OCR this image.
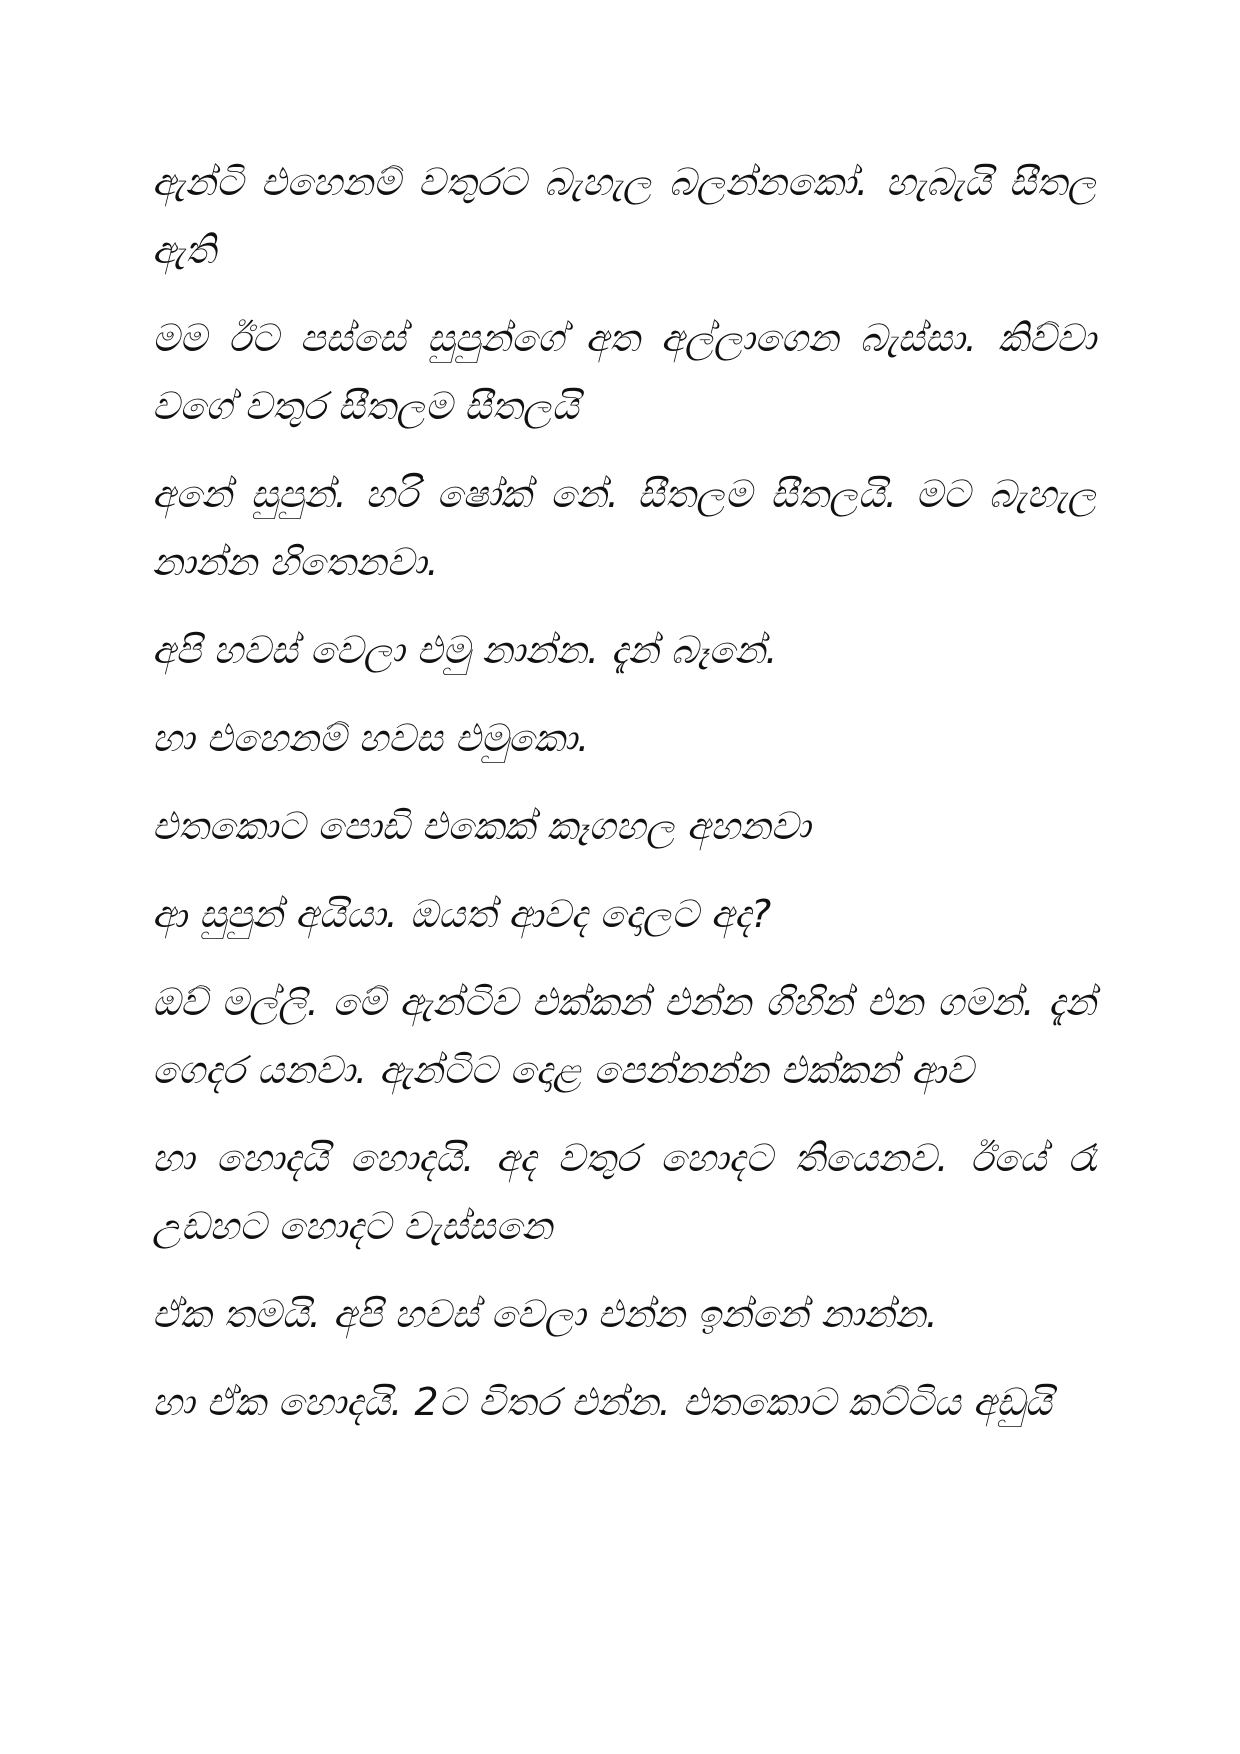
ඇන්ටි එහෙනම් වතුරට බැහැල බලන්නකෝ. හැබැයි සීතල ඇති

මම ඊට පස්සේ සුපුන්ගේ අත අල්ලාගෙන බැස්සා. කිව්වා වගේ වතුර සීතලම සීතලයි

අනේ සුපුන්. හරි ෂෝක් නේ. සීතලම සීතලයි. මට බැහැල නාන්න හිතෙනවා.

අපි හවස් වෙලා එමු නාන්න. දැන් බෑනේ.

හා එහෙනම් හවස එමුකො.

එතකොට පොඩි එකෙක් කෑගහල අහනවා

ආ සුපුන් අයියා. ඔයත් ආවද දොලට අද?

ඔව් මල්ලි. මේ ඇන්ටිව එක්කන් එන්න ගිහින් එන ගමන්. දැන් ගෙදර යනවා. ඇන්ටිට දොළ පෙන්නන්න එක්කන් ආව

හා හොදයි හොදයි. අද වතුර හොදට තියෙනව. ඊයේ රෑ උඩහට හොදට වැස්සනෙ

ඒක තමයි. අපි හවස් වෙලා එන්න ඉන්නේ නාන්න.

හා ඒක හොදයි. 2ට විතර එන්න. එතකොට කට්ටිය අඩුයි
